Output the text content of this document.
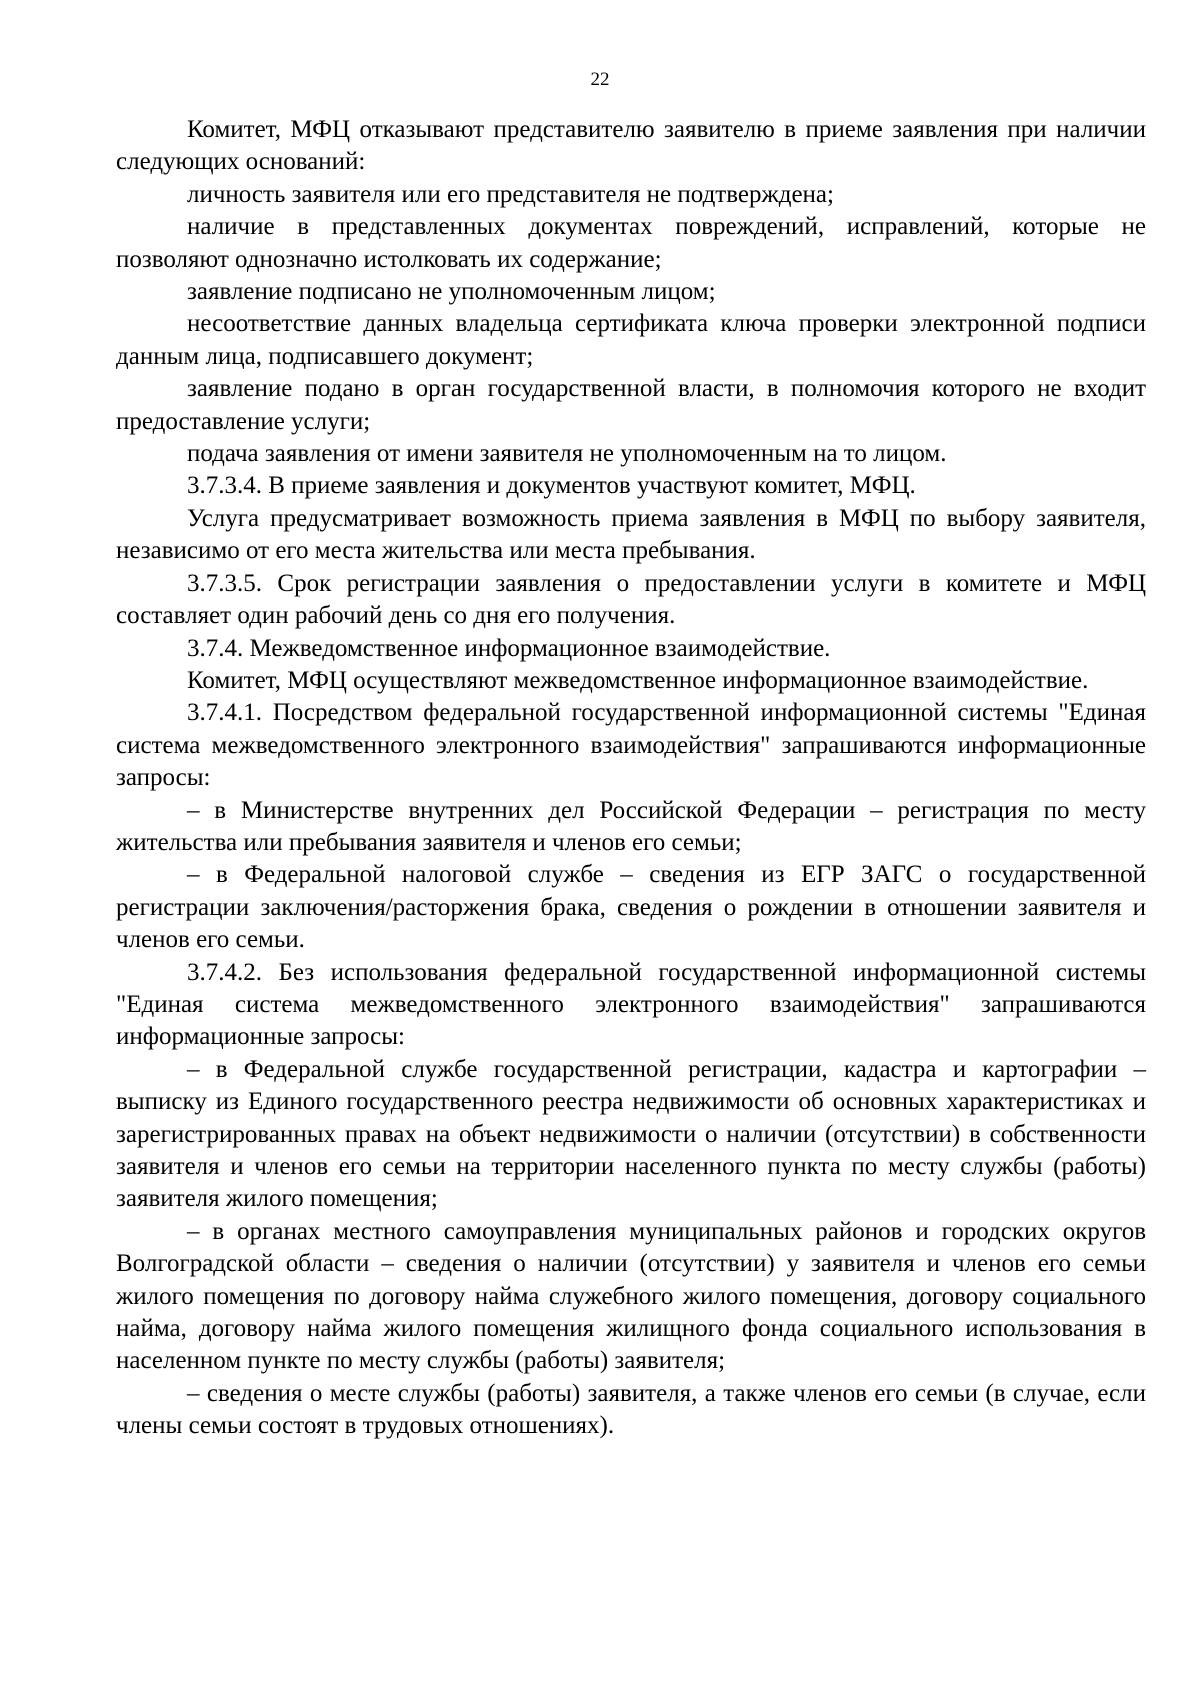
22

Комитет, МФЦ отказывают представителю заявителю в приеме заявления при наличии следующих оснований:

личность заявителя или его представителя не подтверждена;

наличие в представленных документах повреждений, исправлений, которые не позволяют однозначно истолковать их содержание;

заявление подписано не уполномоченным лицом;

несоответствие данных владельца сертификата ключа проверки электронной подписи данным лица, подписавшего документ;

заявление подано в орган государственной власти, в полномочия которого не входит предоставление услуги;

подача заявления от имени заявителя не уполномоченным на то лицом.

3.7.3.4. В приеме заявления и документов участвуют комитет, МФЦ.

Услуга предусматривает возможность приема заявления в МФЦ по выбору заявителя, независимо от его места жительства или места пребывания.

3.7.3.5. Срок регистрации заявления о предоставлении услуги в комитете и МФЦ составляет один рабочий день со дня его получения.

3.7.4. Межведомственное информационное взаимодействие.

Комитет, МФЦ осуществляют межведомственное информационное взаимодействие.

3.7.4.1. Посредством федеральной государственной информационной системы "Единая система межведомственного электронного взаимодействия" запрашиваются информационные запросы:

– в Министерстве внутренних дел Российской Федерации – регистрация по месту жительства или пребывания заявителя и членов его семьи;

– в Федеральной налоговой службе – сведения из ЕГР ЗАГС о государственной регистрации заключения/расторжения брака, сведения о рождении в отношении заявителя и членов его семьи.

3.7.4.2. Без использования федеральной государственной информационной системы "Единая система межведомственного электронного взаимодействия" запрашиваются информационные запросы:

– в Федеральной службе государственной регистрации, кадастра и картографии – выписку из Единого государственного реестра недвижимости об основных характеристиках и зарегистрированных правах на объект недвижимости о наличии (отсутствии) в собственности заявителя и членов его семьи на территории населенного пункта по месту службы (работы) заявителя жилого помещения;

– в органах местного самоуправления муниципальных районов и городских округов Волгоградской области – сведения о наличии (отсутствии) у заявителя и членов его семьи жилого помещения по договору найма служебного жилого помещения, договору социального найма, договору найма жилого помещения жилищного фонда социального использования в населенном пункте по месту службы (работы) заявителя;

– сведения о месте службы (работы) заявителя, а также членов его семьи (в случае, если члены семьи состоят в трудовых отношениях).
